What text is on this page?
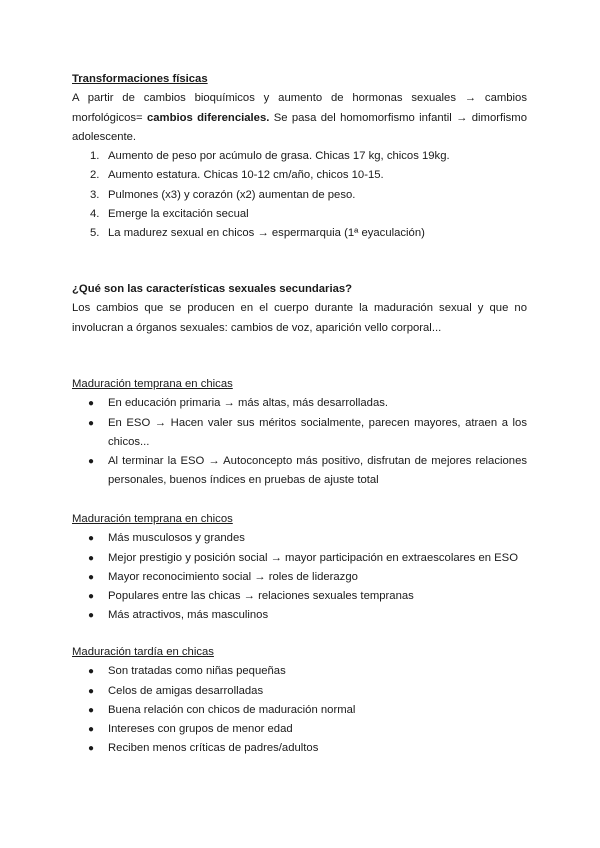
Transformaciones físicas

A partir de cambios bioquímicos y aumento de hormonas sexuales → cambios morfológicos= cambios diferenciales. Se pasa del homomorfismo infantil → dimorfismo adolescente.

1. Aumento de peso por acúmulo de grasa. Chicas 17 kg, chicos 19kg.
2. Aumento estatura. Chicas 10-12 cm/año, chicos 10-15.
3. Pulmones (x3) y corazón (x2) aumentan de peso.
4. Emerge la excitación secual
5. La madurez sexual en chicos → espermarquia (1ª eyaculación)
¿Qué son las características sexuales secundarias?

Los cambios que se producen en el cuerpo durante la maduración sexual y que no involucran a órganos sexuales: cambios de voz, aparición vello corporal...

Maduración temprana en chicas
● En educación primaria → más altas, más desarrolladas.
● En ESO → Hacen valer sus méritos socialmente, parecen mayores, atraen a los chicos...
● Al terminar la ESO → Autoconcepto más positivo, disfrutan de mejores relaciones personales, buenos índices en pruebas de ajuste total
Maduración temprana en chicos
● Más musculosos y grandes
● Mejor prestigio y posición social → mayor participación en extraescolares en ESO
● Mayor reconocimiento social → roles de liderazgo
● Populares entre las chicas → relaciones sexuales tempranas
● Más atractivos, más masculinos
Maduración tardía en chicas
● Son tratadas como niñas pequeñas
● Celos de amigas desarrolladas
● Buena relación con chicos de maduración normal
● Intereses con grupos de menor edad
● Reciben menos críticas de padres/adultos
